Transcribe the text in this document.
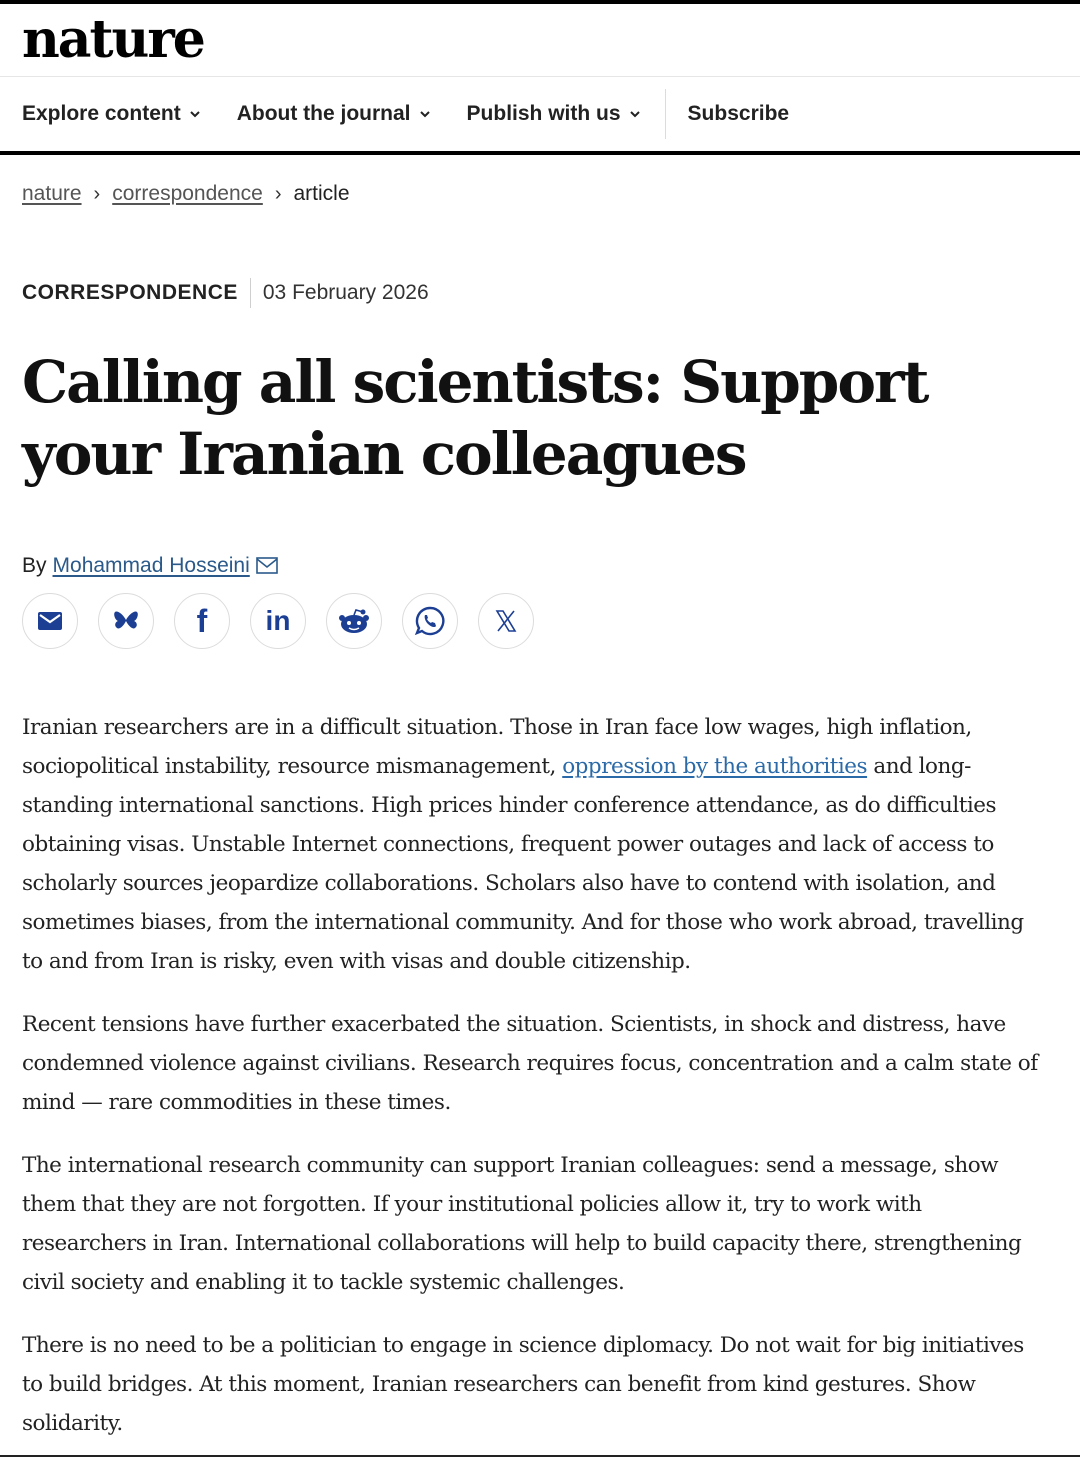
nature
Explore content	About the journal	Publish with us	Subscribe
nature › correspondence › article
CORRESPONDENCE 03 February 2026
Calling all scientists: Support your Iranian colleagues
By Mohammad Hosseini
f in

Iranian researchers are in a difficult situation. Those in Iran face low wages, high inflation, sociopolitical instability, resource mismanagement, oppression by the authorities and long-standing international sanctions. High prices hinder conference attendance, as do difficulties obtaining visas. Unstable Internet connections, frequent power outages and lack of access to scholarly sources jeopardize collaborations. Scholars also have to contend with isolation, and sometimes biases, from the international community. And for those who work abroad, travelling to and from Iran is risky, even with visas and double citizenship.

Recent tensions have further exacerbated the situation. Scientists, in shock and distress, have condemned violence against civilians. Research requires focus, concentration and a calm state of mind — rare commodities in these times.

The international research community can support Iranian colleagues: send a message, show them that they are not forgotten. If your institutional policies allow it, try to work with researchers in Iran. International collaborations will help to build capacity there, strengthening civil society and enabling it to tackle systemic challenges.

There is no need to be a politician to engage in science diplomacy. Do not wait for big initiatives to build bridges. At this moment, Iranian researchers can benefit from kind gestures. Show solidarity.
